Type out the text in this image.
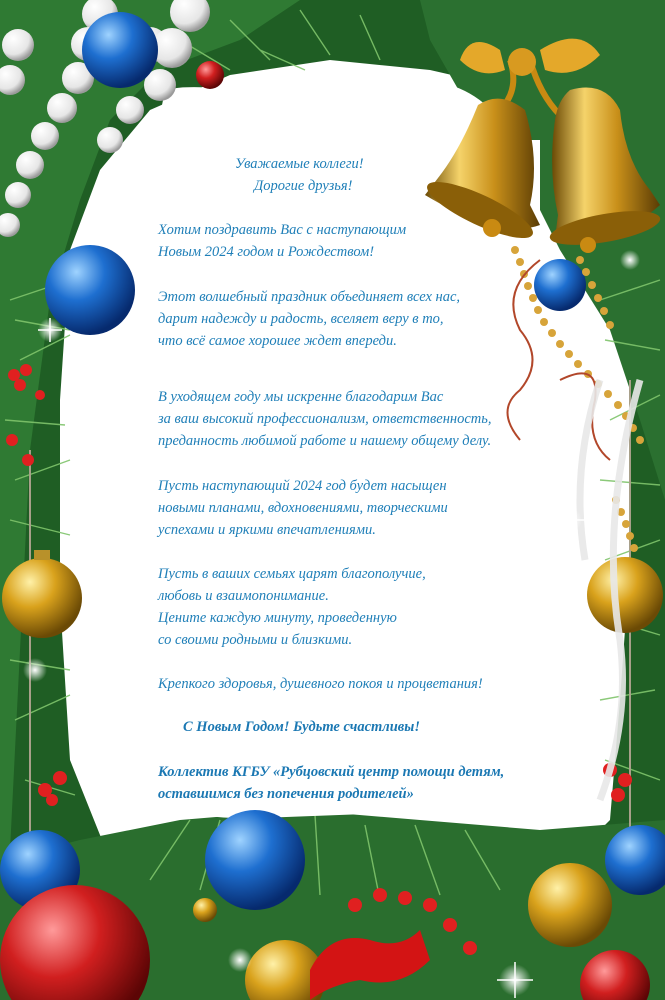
Уважаемые коллеги!
Дорогие друзья!
Хотим поздравить Вас с наступающим
Новым 2024 годом и Рождеством!
Этот волшебный праздник объединяет всех нас,
дарит надежду и радость, вселяет веру в то,
что всё самое хорошее ждет впереди.
В уходящем году мы искренне благодарим Вас
за ваш высокий профессионализм, ответственность,
преданность любимой работе и нашему общему делу.
Пусть наступающий 2024 год будет насыщен
новыми планами, вдохновениями, творческими
успехами и яркими впечатлениями.
Пусть в ваших семьях царят благополучие,
любовь и взаимопонимание.
Цените каждую минуту, проведенную
со своими родными и близкими.
Крепкого здоровья, душевного покоя и процветания!
С Новым Годом! Будьте счастливы!
Коллектив КГБУ «Рубцовский центр помощи детям,
оставшимся без попечения родителей»
